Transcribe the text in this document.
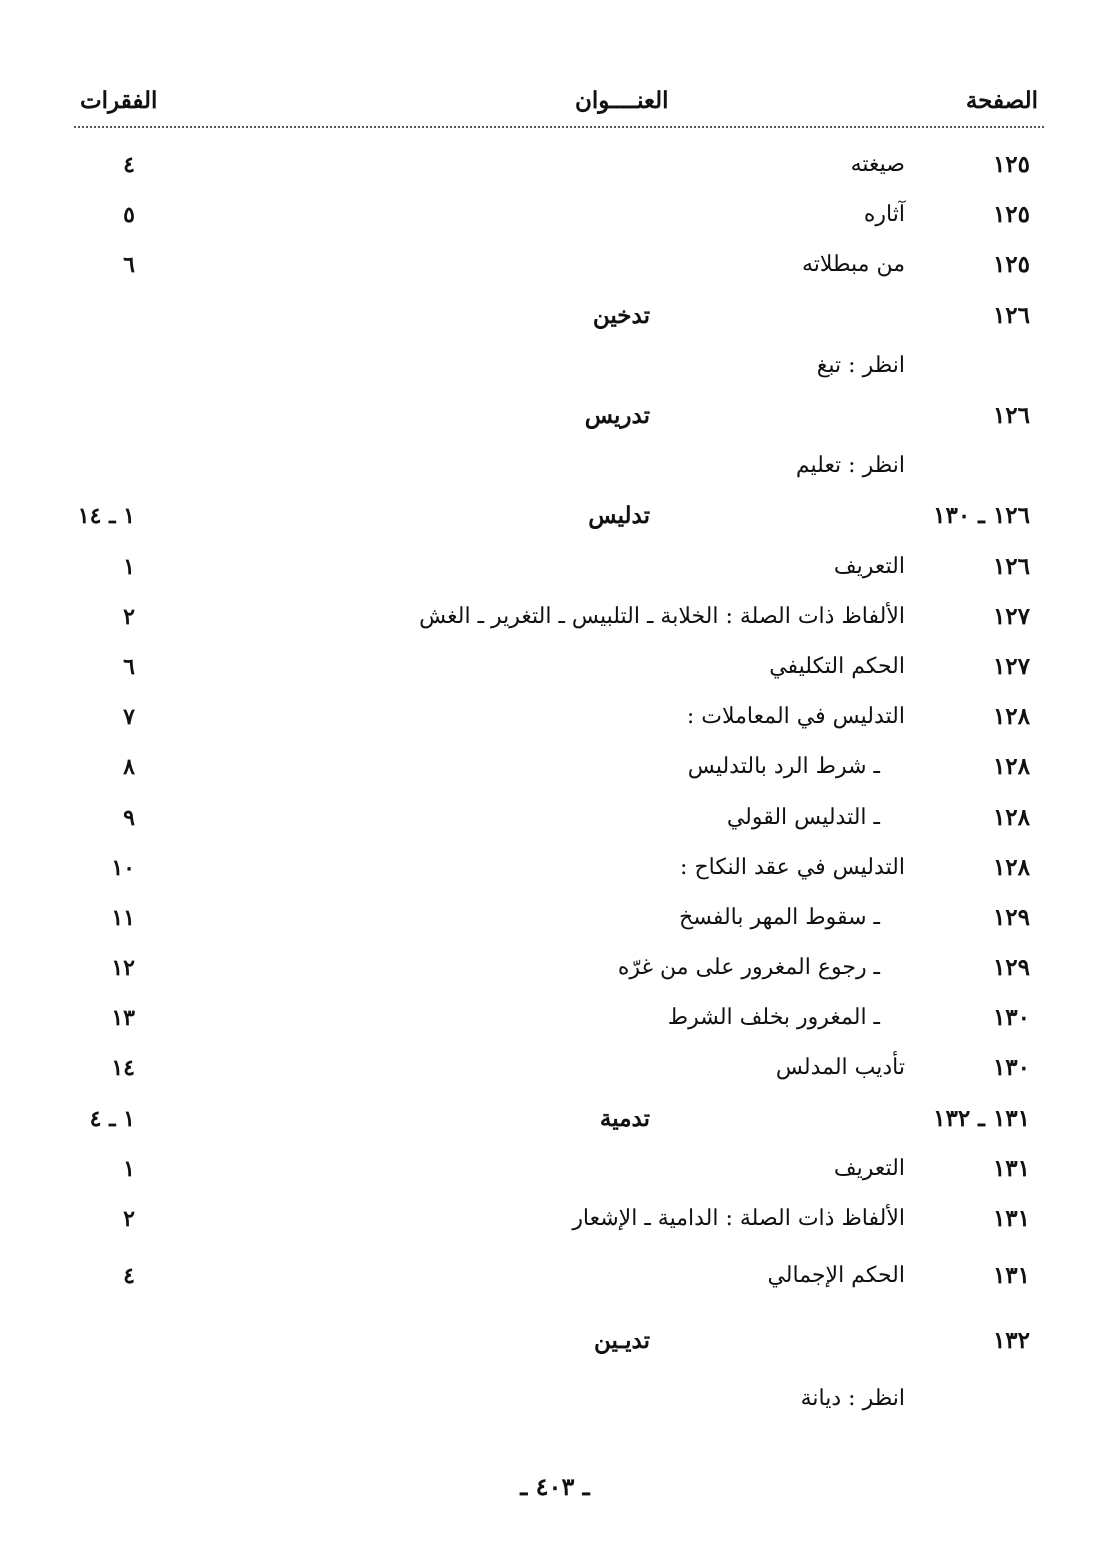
الصفحة
العنــــوان
الفقرات
١٢٥
صيغته
٤
١٢٥
آثاره
٥
١٢٥
من مبطلاته
٦
١٢٦
تدخين
انظر : تبغ
١٢٦
تدريس
انظر : تعليم
١٢٦ ـ ١٣٠
تدليس
١ ـ ١٤
١٢٦
التعريف
١
١٢٧
الألفاظ ذات الصلة : الخلابة ـ التلبيس ـ التغرير ـ الغش
٢
١٢٧
الحكم التكليفي
٦
١٢٨
التدليس في المعاملات :
٧
١٢٨
ـ شرط الرد بالتدليس
٨
١٢٨
ـ التدليس القولي
٩
١٢٨
التدليس في عقد النكاح :
١٠
١٢٩
ـ سقوط المهر بالفسخ
١١
١٢٩
ـ رجوع المغرور على من غرّه
١٢
١٣٠
ـ المغرور بخلف الشرط
١٣
١٣٠
تأديب المدلس
١٤
١٣١ ـ ١٣٢
تدمية
١ ـ ٤
١٣١
التعريف
١
١٣١
الألفاظ ذات الصلة : الدامية ـ الإشعار
٢
١٣١
الحكم الإجمالي
٤
١٣٢
تديـين
انظر : ديانة
ـ ٤٠٣ ـ
